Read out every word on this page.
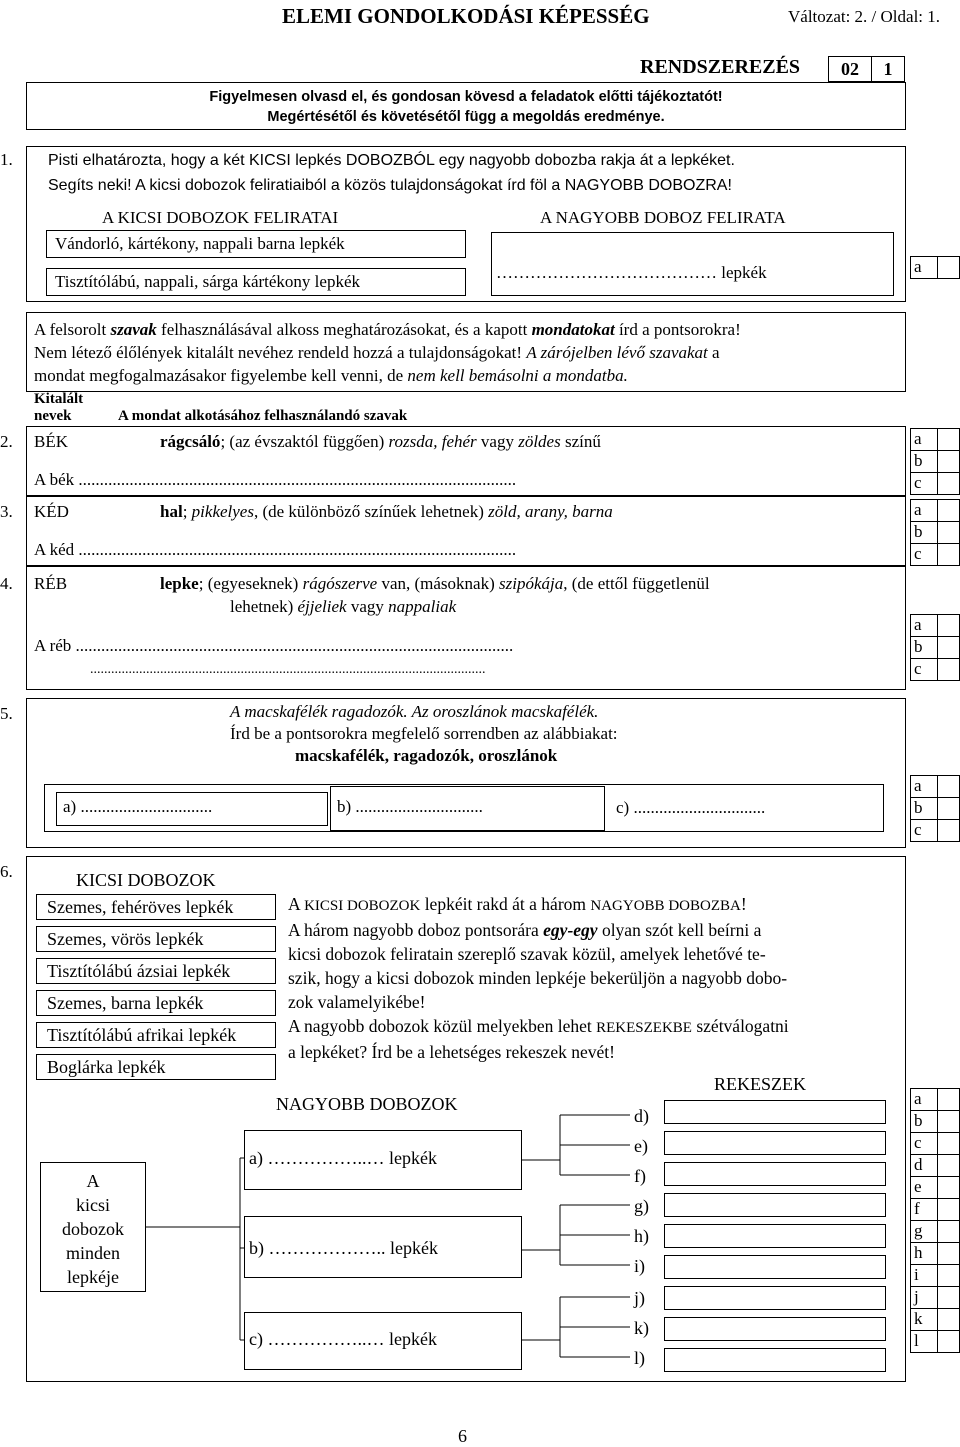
ELEMI GONDOLKODÁSI KÉPESSÉG	Változat: 2. / Oldal: 1.
RENDSZEREZÉS	02	1
Figyelmesen olvasd el, és gondosan kövesd a feladatok előtti tájékoztatót!
Megértésétől és követésétől függ a megoldás eredménye.
1. Pisti elhatározta, hogy a két KICSI lepkés DOBOZBÓL egy nagyobb dobozba rakja át a lepkéket.
Segíts neki! A kicsi dobozok feliratiaiból a közös tulajdonságokat írd föl a NAGYOBB DOBOZRA!
A KICSI DOBOZOK FELIRATAI	A NAGYOBB DOBOZ FELIRATA
Vándorló, kártékony, nappali barna lepkék
Tisztítólábú, nappali, sárga kártékony lepkék	………………………………… lepkék	a	
A felsorolt szavak felhasználásával alkoss meghatározásokat, és a kapott mondatokat írd a pontsorokra!
Nem létező élőlények kitalált nevéhez rendeld hozzá a tulajdonságokat! A zárójelben lévő szavakat a
mondat megfogalmazásakor figyelembe kell venni, de nem kell bemásolni a mondatba.
Kitalált
nevek	A mondat alkotásához felhasználandó szavak
2. BÉK	rágcsáló; (az évszaktól függően) rozsda, fehér vagy zöldes színű
A bék .......................................................................................................
a	
b	
c	
3. KÉD	hal; pikkelyes, (de különböző színűek lehetnek) zöld, arany, barna
A kéd .......................................................................................................
a	
b	
c	
4. RÉB	lepke; (egyeseknek) rágószerve van, (másoknak) szipókája, (de ettől függetlenül
lehetnek) éjjeliek vagy nappaliak
A réb .......................................................................................................
.................................................................................................................
a	
b	
c	
5.	A macskafélék ragadozók. Az oroszlánok macskafélék.
Írd be a pontsorokra megfelelő sorrendben az alábbiakat:
macskafélék, ragadozók, oroszlánok
a) ...............................	b) ..............................	c) ...............................
a	
b	
c	
6.	KICSI DOBOZOK
Szemes, fehéröves lepkék
Szemes, vörös lepkék
Tisztítólábú ázsiai lepkék
Szemes, barna lepkék
Tisztítólábú afrikai lepkék
Boglárka lepkék
A KICSI DOBOZOK lepkéit rakd át a három NAGYOBB DOBOZBA!
A három nagyobb doboz pontsorára egy-egy olyan szót kell beírni a
kicsi dobozok feliratain szereplő szavak közül, amelyek lehetővé te-
szik, hogy a kicsi dobozok minden lepkéje bekerüljön a nagyobb dobo-
zok valamelyikébe!
A nagyobb dobozok közül melyekben lehet REKESZEKBE szétválogatni
a lepkéket? Írd be a lehetséges rekeszek nevét!
REKESZEK
NAGYOBB DOBOZOK
A
kicsi
dobozok
minden
lepkéje
a) ……………..… lepkék
b) ……………….. lepkék
c) ……………..… lepkék
d)
e)
f)
g)
h)
i)
j)
k)
l)
a	
b	
c	
d	
e	
f	
g	
h	
i	
j	
k	
l	
6
